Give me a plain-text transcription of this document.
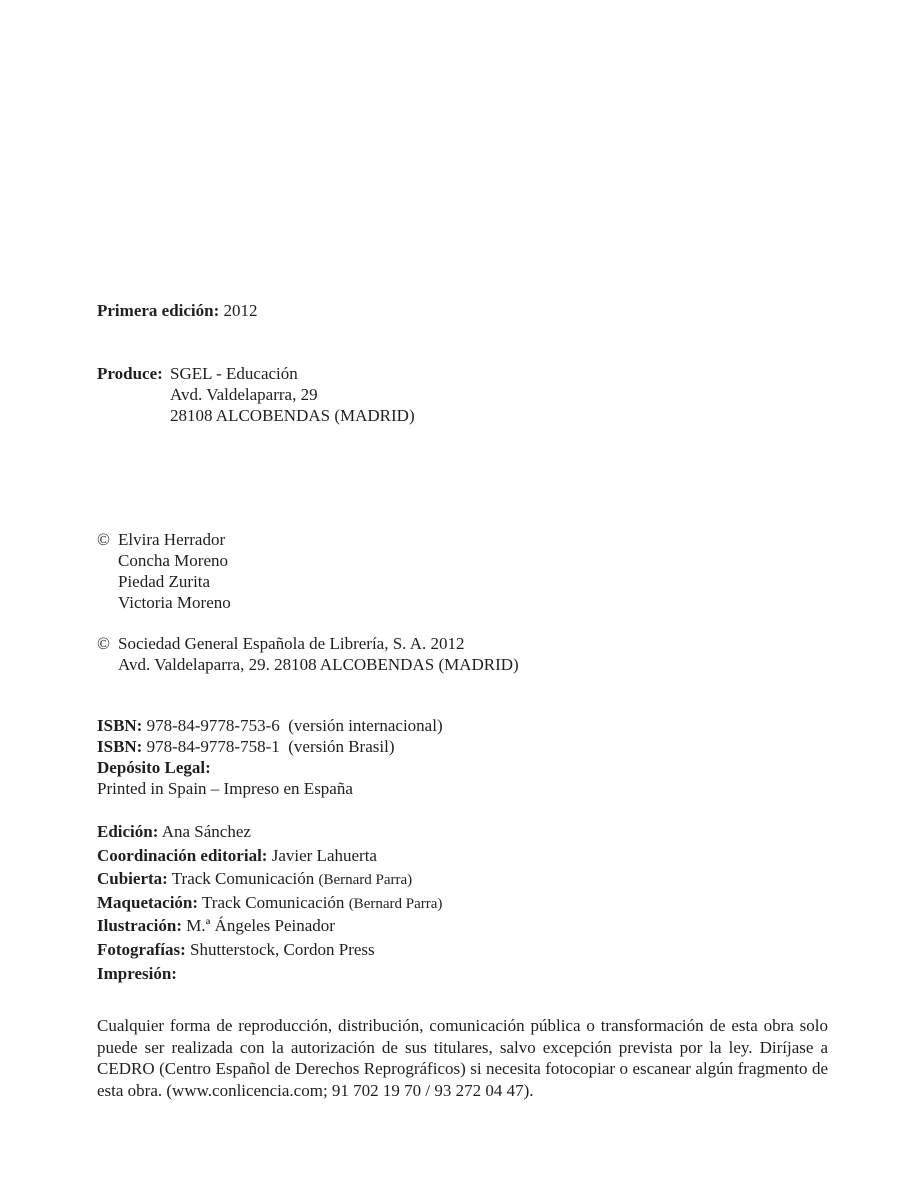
Primera edición: 2012
Produce: SGEL - Educación
Avd. Valdelaparra, 29
28108 ALCOBENDAS (MADRID)
© Elvira Herrador
Concha Moreno
Piedad Zurita
Victoria Moreno
© Sociedad General Española de Librería, S. A. 2012
Avd. Valdelaparra, 29. 28108 ALCOBENDAS (MADRID)
ISBN: 978-84-9778-753-6  (versión internacional)
ISBN: 978-84-9778-758-1  (versión Brasil)
Depósito Legal:
Printed in Spain – Impreso en España
Edición: Ana Sánchez
Coordinación editorial: Javier Lahuerta
Cubierta: Track Comunicación (Bernard Parra)
Maquetación: Track Comunicación (Bernard Parra)
Ilustración: M.ª Ángeles Peinador
Fotografías: Shutterstock, Cordon Press
Impresión:
Cualquier forma de reproducción, distribución, comunicación pública o transformación de esta obra solo puede ser realizada con la autorización de sus titulares, salvo excepción prevista por la ley. Diríjase a CEDRO (Centro Español de Derechos Reprográficos) si necesita fotocopiar o escanear algún fragmento de esta obra. (www.conlicencia.com; 91 702 19 70 / 93 272 04 47).
